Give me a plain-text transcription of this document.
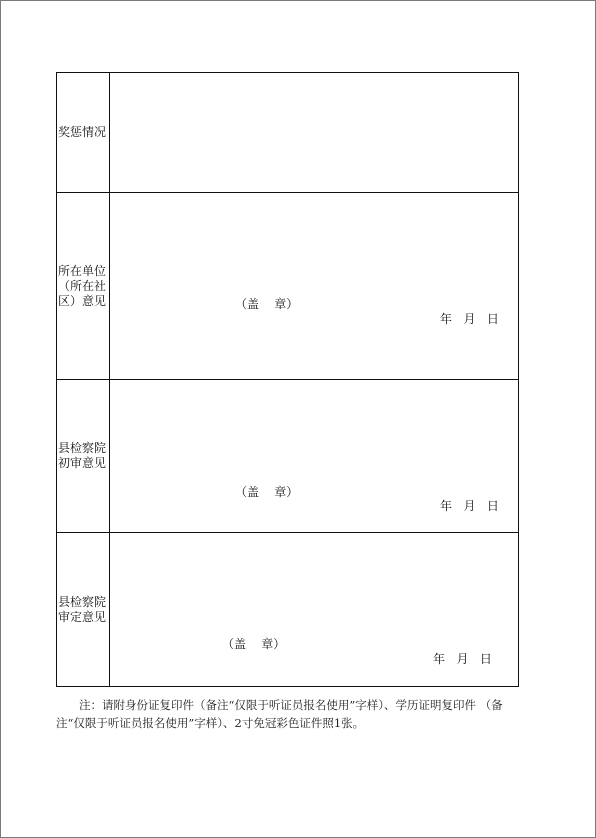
奖惩情况	

所在单位（所在社区）意见	（盖    章）
年   月   日

县检察院初审意见	（盖    章）
年   月   日

县检察院审定意见	（盖    章）
年   月   日
注：请附身份证复印件（备注“仅限于听证员报名使用”字样）、学历证明复印件 （备注“仅限于听证员报名使用”字样）、2寸免冠彩色证件照1张。
